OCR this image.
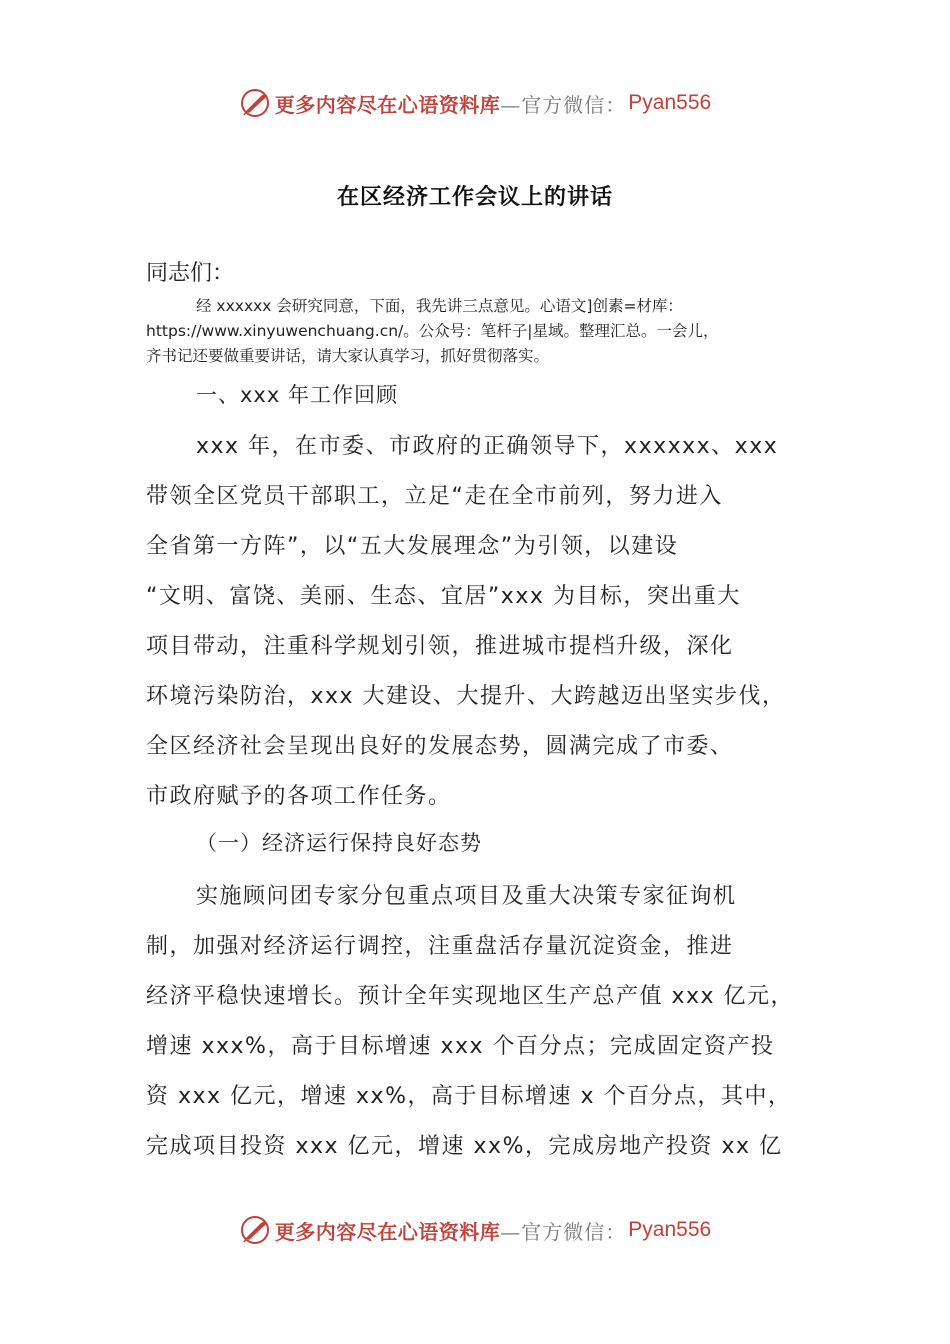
更多内容尽在心语资料库 —官方微信： Pyan556
在区经济工作会议上的讲话
同志们：
经 xxxxxx 会研究同意，下面，我先讲三点意见。心语文]创素=材库：
https://www.xinyuwenchuang.cn/。公众号：笔杆子|星域。整理汇总。一会儿，
齐书记还要做重要讲话，请大家认真学习，抓好贯彻落实。
一、xxx 年工作回顾
xxx 年，在市委、市政府的正确领导下，xxxxxx、xxx
带领全区党员干部职工，立足“走在全市前列，努力进入
全省第一方阵”，以“五大发展理念”为引领，以建设
“文明、富饶、美丽、生态、宜居”xxx 为目标，突出重大
项目带动，注重科学规划引领，推进城市提档升级，深化
环境污染防治，xxx 大建设、大提升、大跨越迈出坚实步伐，
全区经济社会呈现出良好的发展态势，圆满完成了市委、
市政府赋予的各项工作任务。
（一）经济运行保持良好态势
实施顾问团专家分包重点项目及重大决策专家征询机
制，加强对经济运行调控，注重盘活存量沉淀资金，推进
经济平稳快速增长。预计全年实现地区生产总产值 xxx 亿元，
增速 xxx%，高于目标增速 xxx 个百分点；完成固定资产投
资 xxx 亿元，增速 xx%，高于目标增速 x 个百分点，其中，
完成项目投资 xxx 亿元，增速 xx%，完成房地产投资 xx 亿
更多内容尽在心语资料库 —官方微信： Pyan556
